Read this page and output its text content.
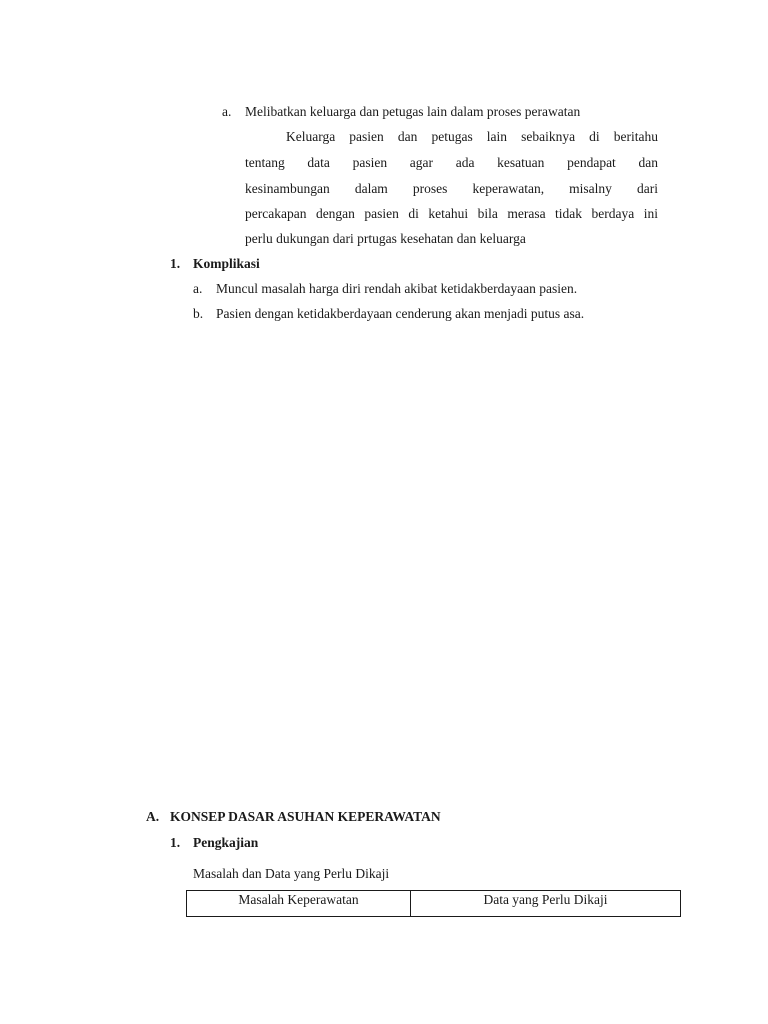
a. Melibatkan keluarga dan petugas lain dalam proses perawatan
Keluarga pasien dan petugas lain sebaiknya di beritahu
tentang data pasien agar ada kesatuan pendapat dan
kesinambungan dalam proses keperawatan, misalny dari
percakapan dengan pasien di ketahui bila merasa tidak berdaya ini
perlu dukungan dari prtugas kesehatan dan keluarga
1. Komplikasi
a. Muncul masalah harga diri rendah akibat ketidakberdayaan pasien.
b. Pasien dengan ketidakberdayaan cenderung akan menjadi putus asa.
A. KONSEP DASAR ASUHAN KEPERAWATAN
1. Pengkajian
Masalah dan Data yang Perlu Dikaji
Masalah Keperawatan	Data yang Perlu Dikaji
